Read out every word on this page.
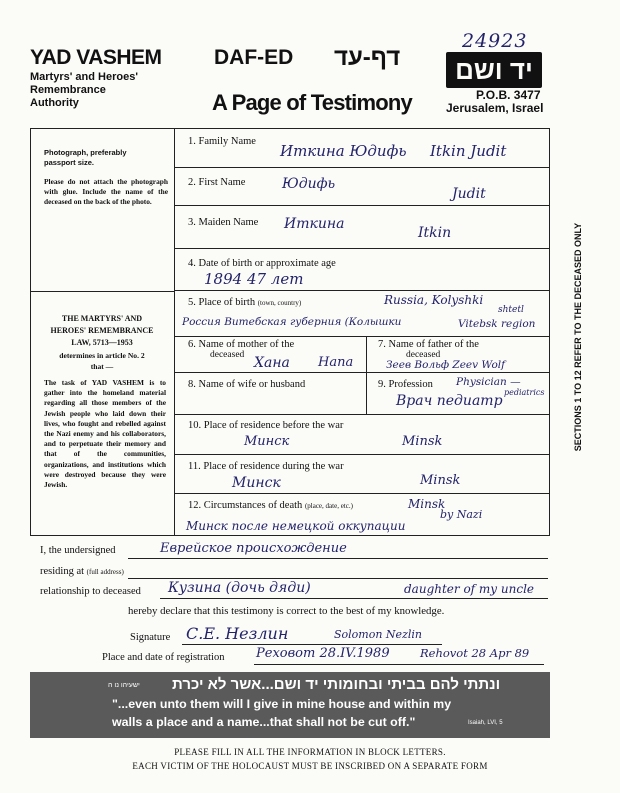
24923
YAD VASHEM
Martyrs' and Heroes'
Remembrance
Authority
DAF-ED דף-עד	יד ושם
A Page of Testimony	P.O.B. 3477
Jerusalem, Israel
Photograph, preferably
passport size.
Please do not attach the photograph with glue. Include the name of the deceased on the back of the photo.
THE MARTYRS' AND
HEROES' REMEMBRANCE
LAW, 5713—1953
determines in article No. 2
that —
The task of YAD VASHEM is to gather into the homeland material regarding all those members of the Jewish people who laid down their lives, who fought and rebelled against the Nazi enemy and his collaborators, and to perpetuate their memory and that of the communities, organizations, and institutions which were destroyed because they were Jewish.
1. Family Name
Иткина Юдифь Itkin Judit
2. First Name	Юдифь
Judit
3. Maiden Name Иткина
Itkin
4. Date of birth or approximate age
1894 47 лет
5. Place of birth (town, country)	Russia, Kolyshki
shtetl
Россия Витебская губерния (Колышки	Vitebsk region
6. Name of mother of the
deceased Хана Hana
7. Name of father of the
deceased
Зеев Вольф Zeev Wolf
8. Name of wife or husband	9. Profession Physician —
pediatrics
Врач педиатр
10. Place of residence before the war
Минск	Minsk
11. Place of residence during the war
Минск	Minsk
12. Circumstances of death (place, date, etc.)	Minsk
by Nazi
Минск после немецкой оккупации
I, the undersigned	Еврейское происхождение
residing at (full address)
relationship to deceased Кузина (дочь дяди)	daughter of my uncle
hereby declare that this testimony is correct to the best of my knowledge.
Signature С.Е. Незлин	Solomon Nezlin
Place and date of registration Реховот 28.IV.1989	Rehovot 28 Apr 89
ישעיהו נו ה ונתתי להם בביתי ובחומותי יד ושם...אשר לא יכרת
"...even unto them will I give in mine house and within my
walls a place and a name...that shall not be cut off."	Isaiah, LVI, 5
PLEASE FILL IN ALL THE INFORMATION IN BLOCK LETTERS.
EACH VICTIM OF THE HOLOCAUST MUST BE INSCRIBED ON A SEPARATE FORM
SECTIONS 1 TO 12 REFER TO THE DECEASED ONLY
